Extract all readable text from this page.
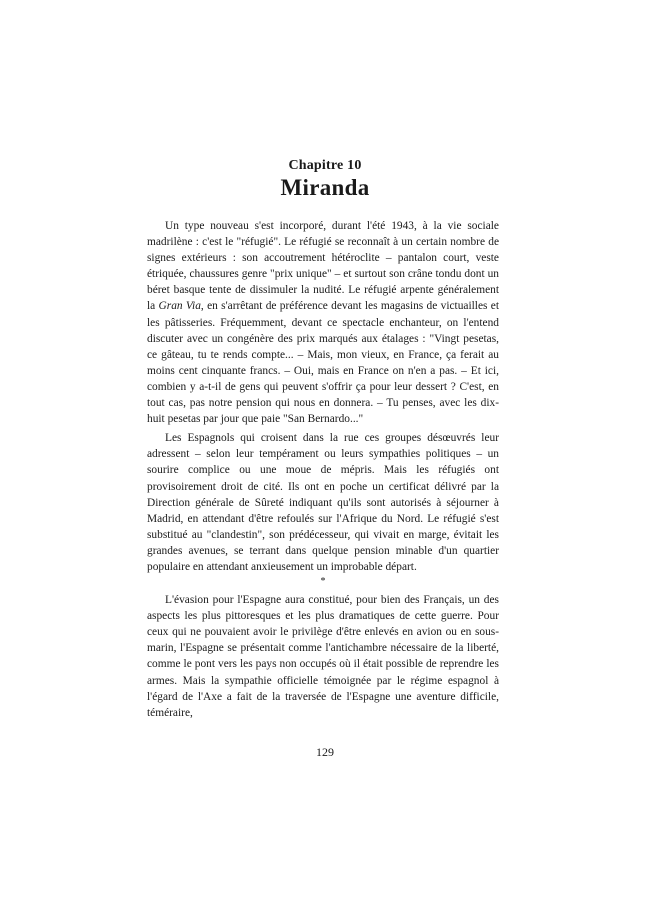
Chapitre 10
Miranda

Un type nouveau s'est incorporé, durant l'été 1943, à la vie sociale madrilène : c'est le "réfugié". Le réfugié se reconnaît à un certain nombre de signes extérieurs : son accoutrement hétéroclite – pantalon court, veste étriquée, chaussures genre "prix unique" – et surtout son crâne tondu dont un béret basque tente de dissimuler la nudité. Le réfugié arpente généralement la Gran Via, en s'arrêtant de préférence devant les magasins de victuailles et les pâtisseries. Fréquemment, devant ce spectacle enchanteur, on l'entend discuter avec un congénère des prix marqués aux étalages : "Vingt pesetas, ce gâteau, tu te rends compte... – Mais, mon vieux, en France, ça ferait au moins cent cinquante francs. – Oui, mais en France on n'en a pas. – Et ici, combien y a-t-il de gens qui peuvent s'offrir ça pour leur dessert ? C'est, en tout cas, pas notre pension qui nous en donnera. – Tu penses, avec les dix-huit pesetas par jour que paie "San Bernardo..."

Les Espagnols qui croisent dans la rue ces groupes désœuvrés leur adressent – selon leur tempérament ou leurs sympathies politiques – un sourire complice ou une moue de mépris. Mais les réfugiés ont provisoirement droit de cité. Ils ont en poche un certificat délivré par la Direction générale de Sûreté indiquant qu'ils sont autorisés à séjourner à Madrid, en attendant d'être refoulés sur l'Afrique du Nord. Le réfugié s'est substitué au "clandestin", son prédécesseur, qui vivait en marge, évitait les grandes avenues, se terrant dans quelque pension minable d'un quartier populaire en attendant anxieusement un improbable départ.

*

L'évasion pour l'Espagne aura constitué, pour bien des Français, un des aspects les plus pittoresques et les plus dramatiques de cette guerre. Pour ceux qui ne pouvaient avoir le privilège d'être enlevés en avion ou en sous-marin, l'Espagne se présentait comme l'antichambre nécessaire de la liberté, comme le pont vers les pays non occupés où il était possible de reprendre les armes. Mais la sympathie officielle témoignée par le régime espagnol à l'égard de l'Axe a fait de la traversée de l'Espagne une aventure difficile, téméraire,

129
